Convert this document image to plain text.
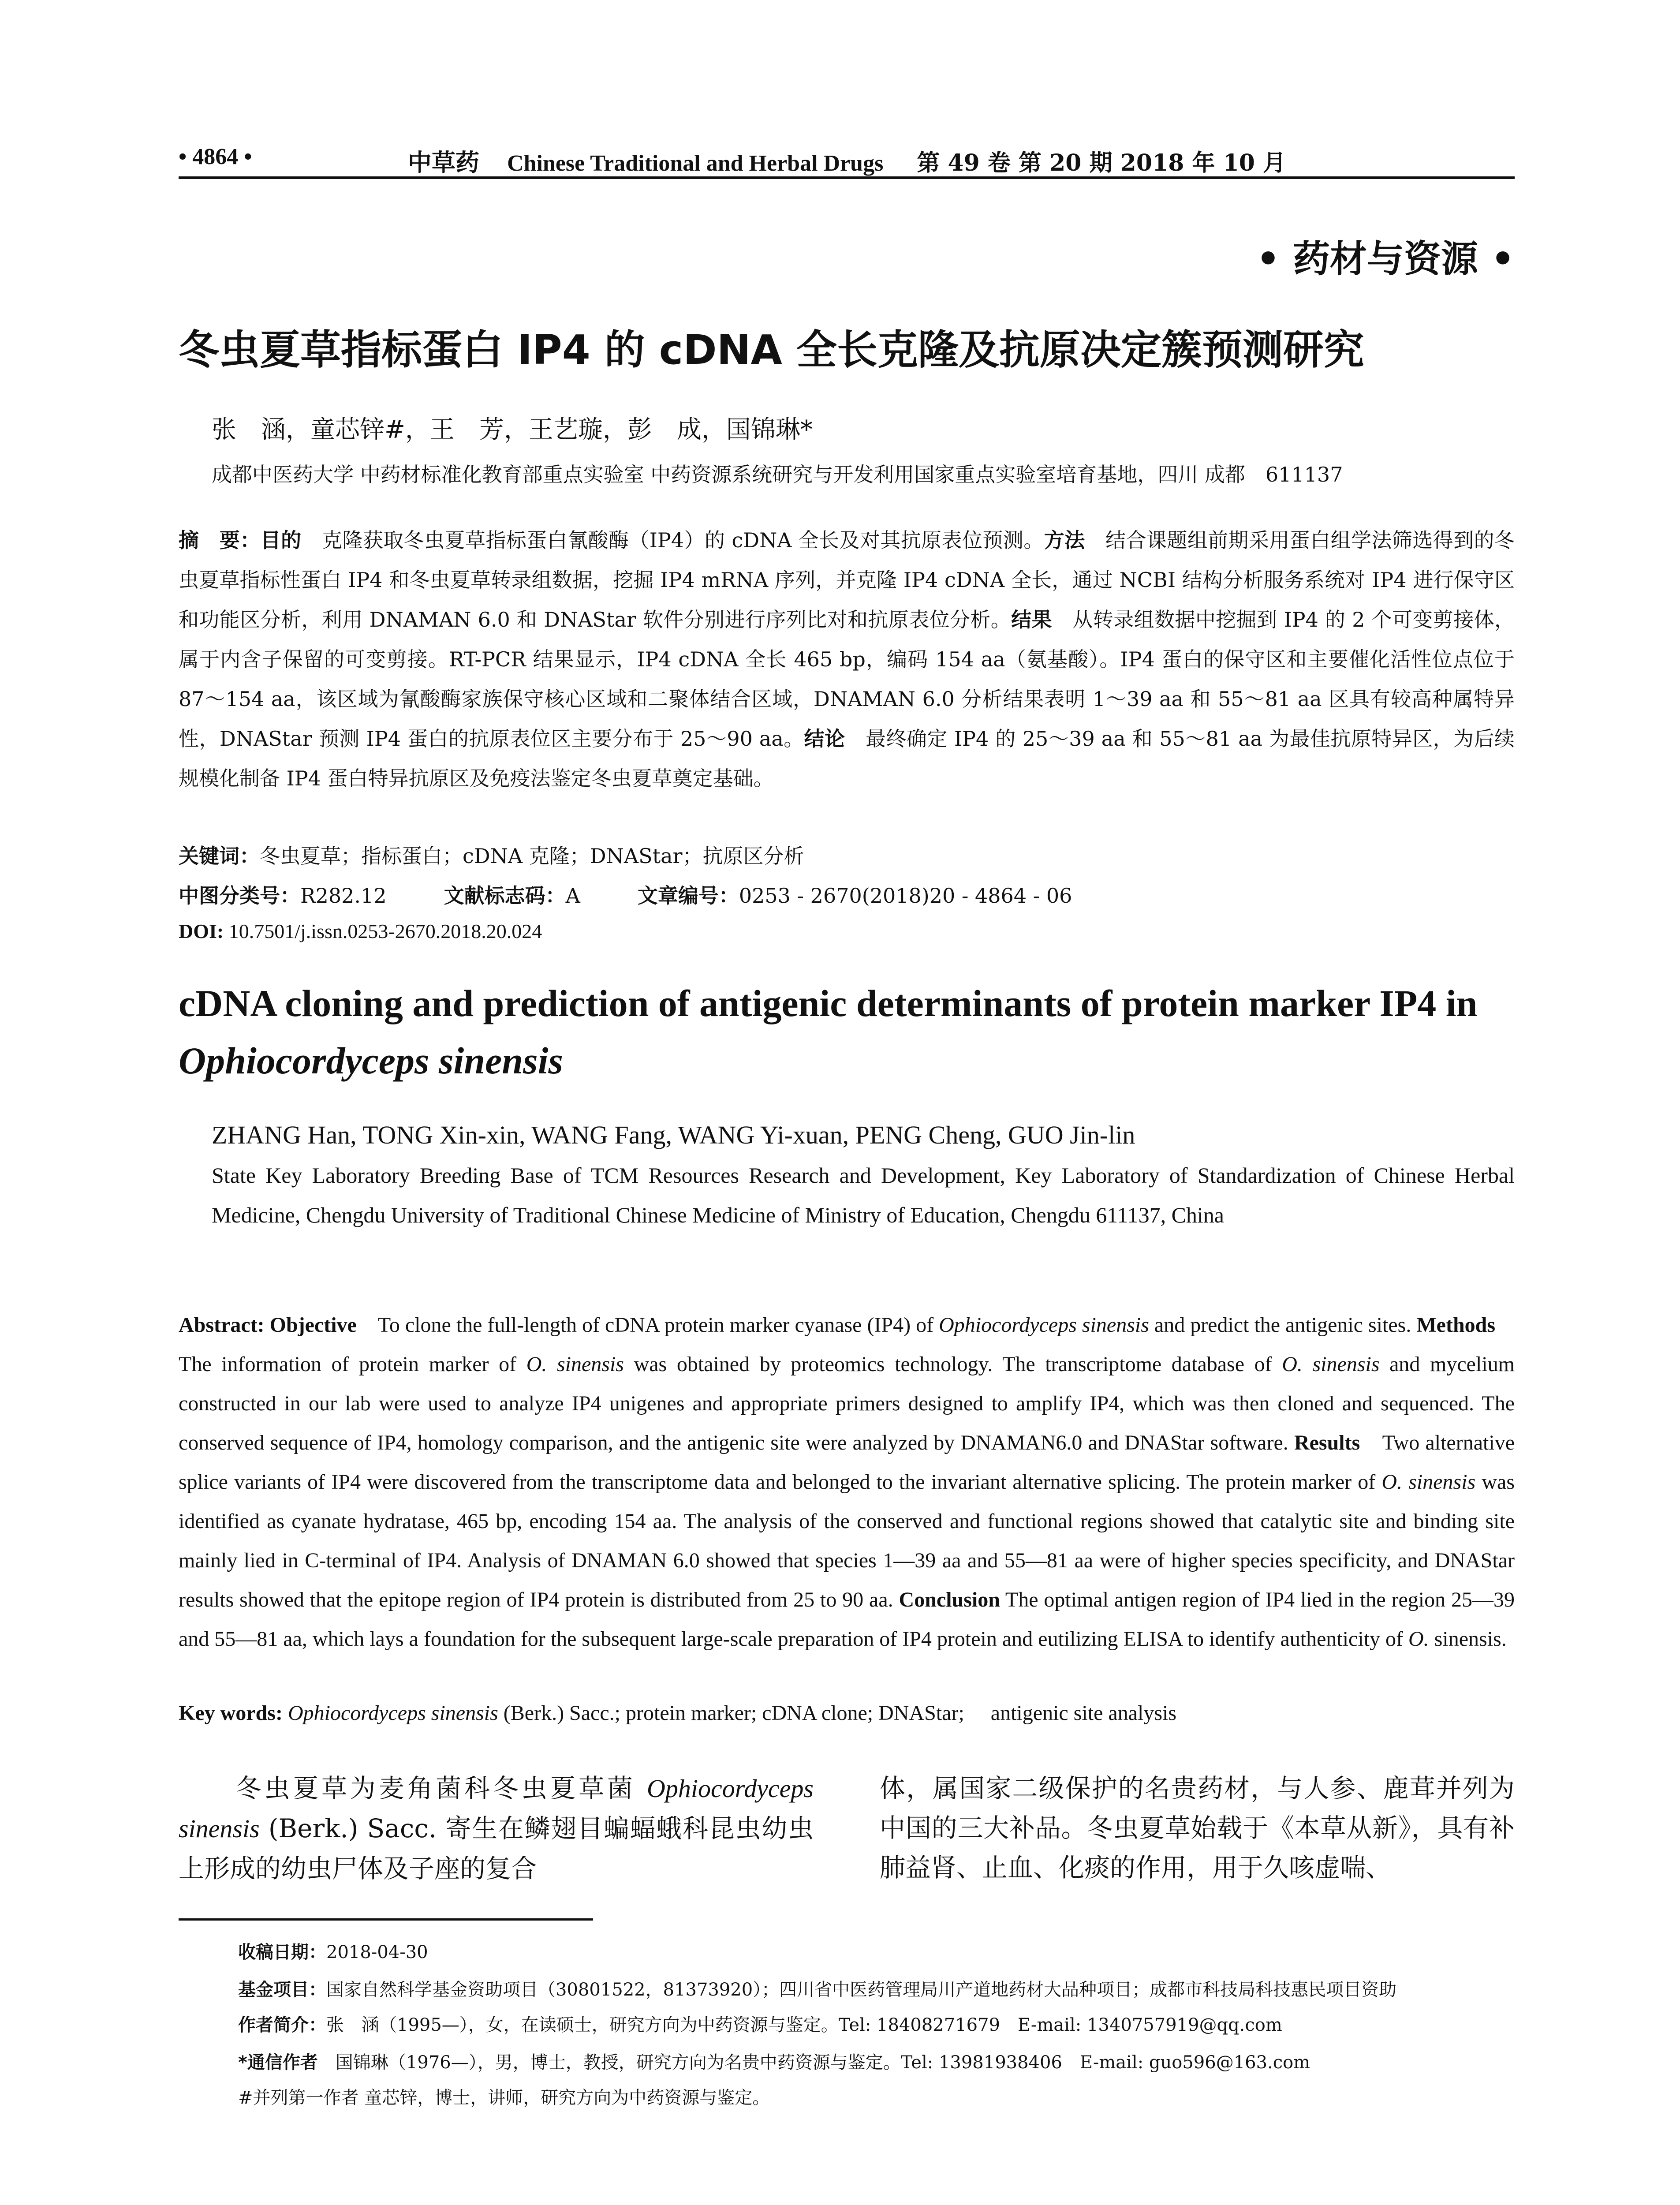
• 4864 •	中草药 Chinese Traditional and Herbal Drugs 第 49 卷 第 20 期 2018 年 10 月
• 药材与资源 •
冬虫夏草指标蛋白 IP4 的 cDNA 全长克隆及抗原决定簇预测研究
张　涵，童芯锌#，王　芳，王艺璇，彭　成，国锦琳*
成都中医药大学 中药材标准化教育部重点实验室 中药资源系统研究与开发利用国家重点实验室培育基地，四川 成都　611137
摘　要：目的　克隆获取冬虫夏草指标蛋白氰酸酶（IP4）的 cDNA 全长及对其抗原表位预测。方法　结合课题组前期采用蛋白组学法筛选得到的冬虫夏草指标性蛋白 IP4 和冬虫夏草转录组数据，挖掘 IP4 mRNA 序列，并克隆 IP4 cDNA 全长，通过 NCBI 结构分析服务系统对 IP4 进行保守区和功能区分析，利用 DNAMAN 6.0 和 DNAStar 软件分别进行序列比对和抗原表位分析。结果　从转录组数据中挖掘到 IP4 的 2 个可变剪接体，属于内含子保留的可变剪接。RT-PCR 结果显示，IP4 cDNA 全长 465 bp，编码 154 aa（氨基酸）。IP4 蛋白的保守区和主要催化活性位点位于 87～154 aa，该区域为氰酸酶家族保守核心区域和二聚体结合区域，DNAMAN 6.0 分析结果表明 1～39 aa 和 55～81 aa 区具有较高种属特异性，DNAStar 预测 IP4 蛋白的抗原表位区主要分布于 25～90 aa。结论　最终确定 IP4 的 25～39 aa 和 55～81 aa 为最佳抗原特异区，为后续规模化制备 IP4 蛋白特异抗原区及免疫法鉴定冬虫夏草奠定基础。
关键词：冬虫夏草；指标蛋白；cDNA 克隆；DNAStar；抗原区分析
中图分类号：R282.12	文献标志码：A	文章编号：0253 - 2670(2018)20 - 4864 - 06
DOI: 10.7501/j.issn.0253-2670.2018.20.024
cDNA cloning and prediction of antigenic determinants of protein marker IP4 in
Ophiocordyceps sinensis
ZHANG Han, TONG Xin-xin, WANG Fang, WANG Yi-xuan, PENG Cheng, GUO Jin-lin
State Key Laboratory Breeding Base of TCM Resources Research and Development, Key Laboratory of Standardization of Chinese Herbal Medicine, Chengdu University of Traditional Chinese Medicine of Ministry of Education, Chengdu 611137, China
Abstract: Objective　To clone the full-length of cDNA protein marker cyanase (IP4) of Ophiocordyceps sinensis and predict the antigenic sites. Methods　The information of protein marker of O. sinensis was obtained by proteomics technology. The transcriptome database of O. sinensis and mycelium constructed in our lab were used to analyze IP4 unigenes and appropriate primers designed to amplify IP4, which was then cloned and sequenced. The conserved sequence of IP4, homology comparison, and the antigenic site were analyzed by DNAMAN6.0 and DNAStar software. Results　Two alternative splice variants of IP4 were discovered from the transcriptome data and belonged to the invariant alternative splicing. The protein marker of O. sinensis was identified as cyanate hydratase, 465 bp, encoding 154 aa. The analysis of the conserved and functional regions showed that catalytic site and binding site mainly lied in C-terminal of IP4. Analysis of DNAMAN 6.0 showed that species 1—39 aa and 55—81 aa were of higher species specificity, and DNAStar results showed that the epitope region of IP4 protein is distributed from 25 to 90 aa. Conclusion The optimal antigen region of IP4 lied in the region 25—39 and 55—81 aa, which lays a foundation for the subsequent large-scale preparation of IP4 protein and eutilizing ELISA to identify authenticity of O. sinensis.
Key words: Ophiocordyceps sinensis (Berk.) Sacc.; protein marker; cDNA clone; DNAStar;　 antigenic site analysis
　　冬虫夏草为麦角菌科冬虫夏草菌 Ophiocordyceps sinensis (Berk.) Sacc. 寄生在鳞翅目蝙蝠蛾科昆虫幼虫上形成的幼虫尸体及子座的复合
体，属国家二级保护的名贵药材，与人参、鹿茸并列为中国的三大补品。冬虫夏草始载于《本草从新》，具有补肺益肾、止血、化痰的作用，用于久咳虚喘、
收稿日期：2018-04-30
基金项目：国家自然科学基金资助项目（30801522，81373920）；四川省中医药管理局川产道地药材大品种项目；成都市科技局科技惠民项目资助
作者简介：张　涵（1995—），女，在读硕士，研究方向为中药资源与鉴定。Tel: 18408271679　E-mail: 1340757919@qq.com
*通信作者　国锦琳（1976—），男，博士，教授，研究方向为名贵中药资源与鉴定。Tel: 13981938406　E-mail: guo596@163.com
#并列第一作者 童芯锌，博士，讲师，研究方向为中药资源与鉴定。
